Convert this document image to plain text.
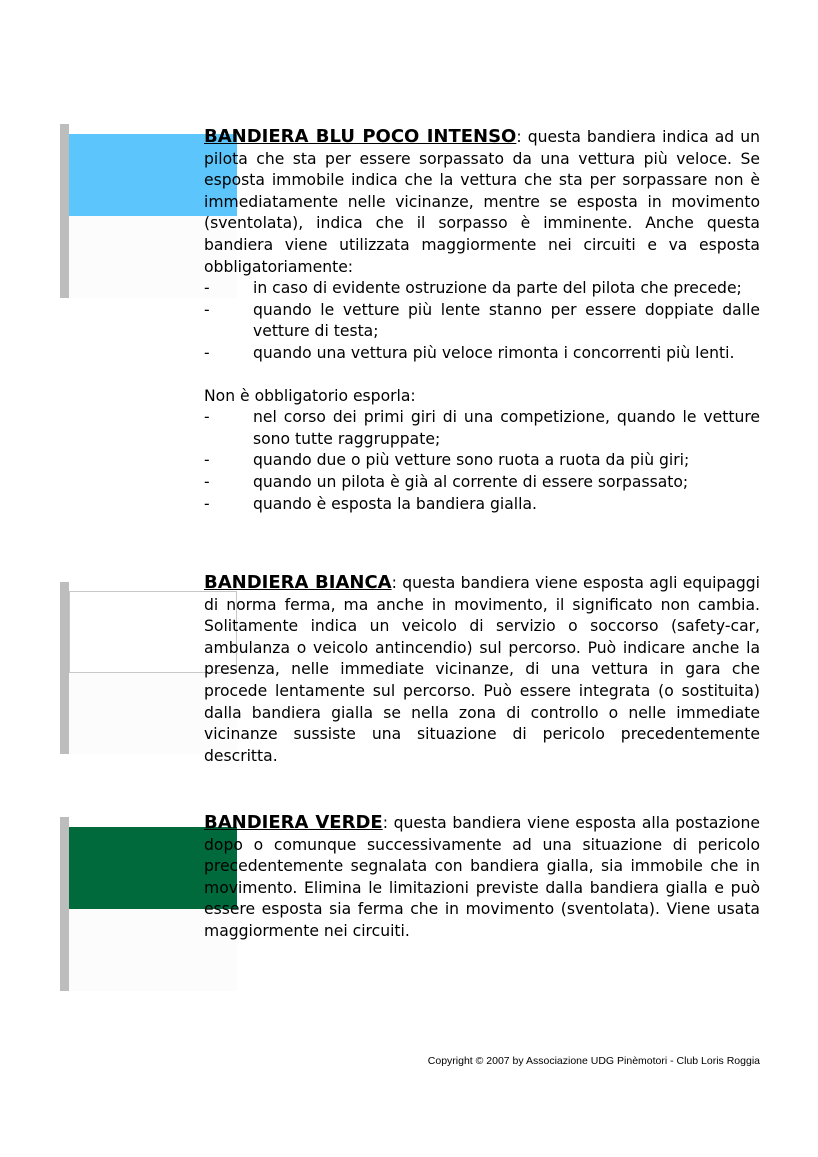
BANDIERA BLU POCO INTENSO: questa bandiera indica ad un pilota che sta per essere sorpassato da una vettura più veloce. Se esposta immobile indica che la vettura che sta per sorpassare non è immediatamente nelle vicinanze, mentre se esposta in movimento (sventolata), indica che il sorpasso è imminente. Anche questa bandiera viene utilizzata maggiormente nei circuiti e va esposta obbligatoriamente:

-	in caso di evidente ostruzione da parte del pilota che precede;
-	quando le vetture più lente stanno per essere doppiate dalle vetture di testa;
-	quando una vettura più veloce rimonta i concorrenti più lenti.

Non è obbligatorio esporla:

-	nel corso dei primi giri di una competizione, quando le vetture sono tutte raggruppate;
-	quando due o più vetture sono ruota a ruota da più giri;
-	quando un pilota è già al corrente di essere sorpassato;
-	quando è esposta la bandiera gialla.

BANDIERA BIANCA: questa bandiera viene esposta agli equipaggi di norma ferma, ma anche in movimento, il significato non cambia. Solitamente indica un veicolo di servizio o soccorso (safety-car, ambulanza o veicolo antincendio) sul percorso. Può indicare anche la presenza, nelle immediate vicinanze, di una vettura in gara che procede lentamente sul percorso. Può essere integrata (o sostituita) dalla bandiera gialla se nella zona di controllo o nelle immediate vicinanze sussiste una situazione di pericolo precedentemente descritta.

BANDIERA VERDE: questa bandiera viene esposta alla postazione dopo o comunque successivamente ad una situazione di pericolo precedentemente segnalata con bandiera gialla, sia immobile che in movimento. Elimina le limitazioni previste dalla bandiera gialla e può essere esposta sia ferma che in movimento (sventolata). Viene usata maggiormente nei circuiti.

Copyright © 2007 by Associazione UDG Pinèmotori - Club Loris Roggia
